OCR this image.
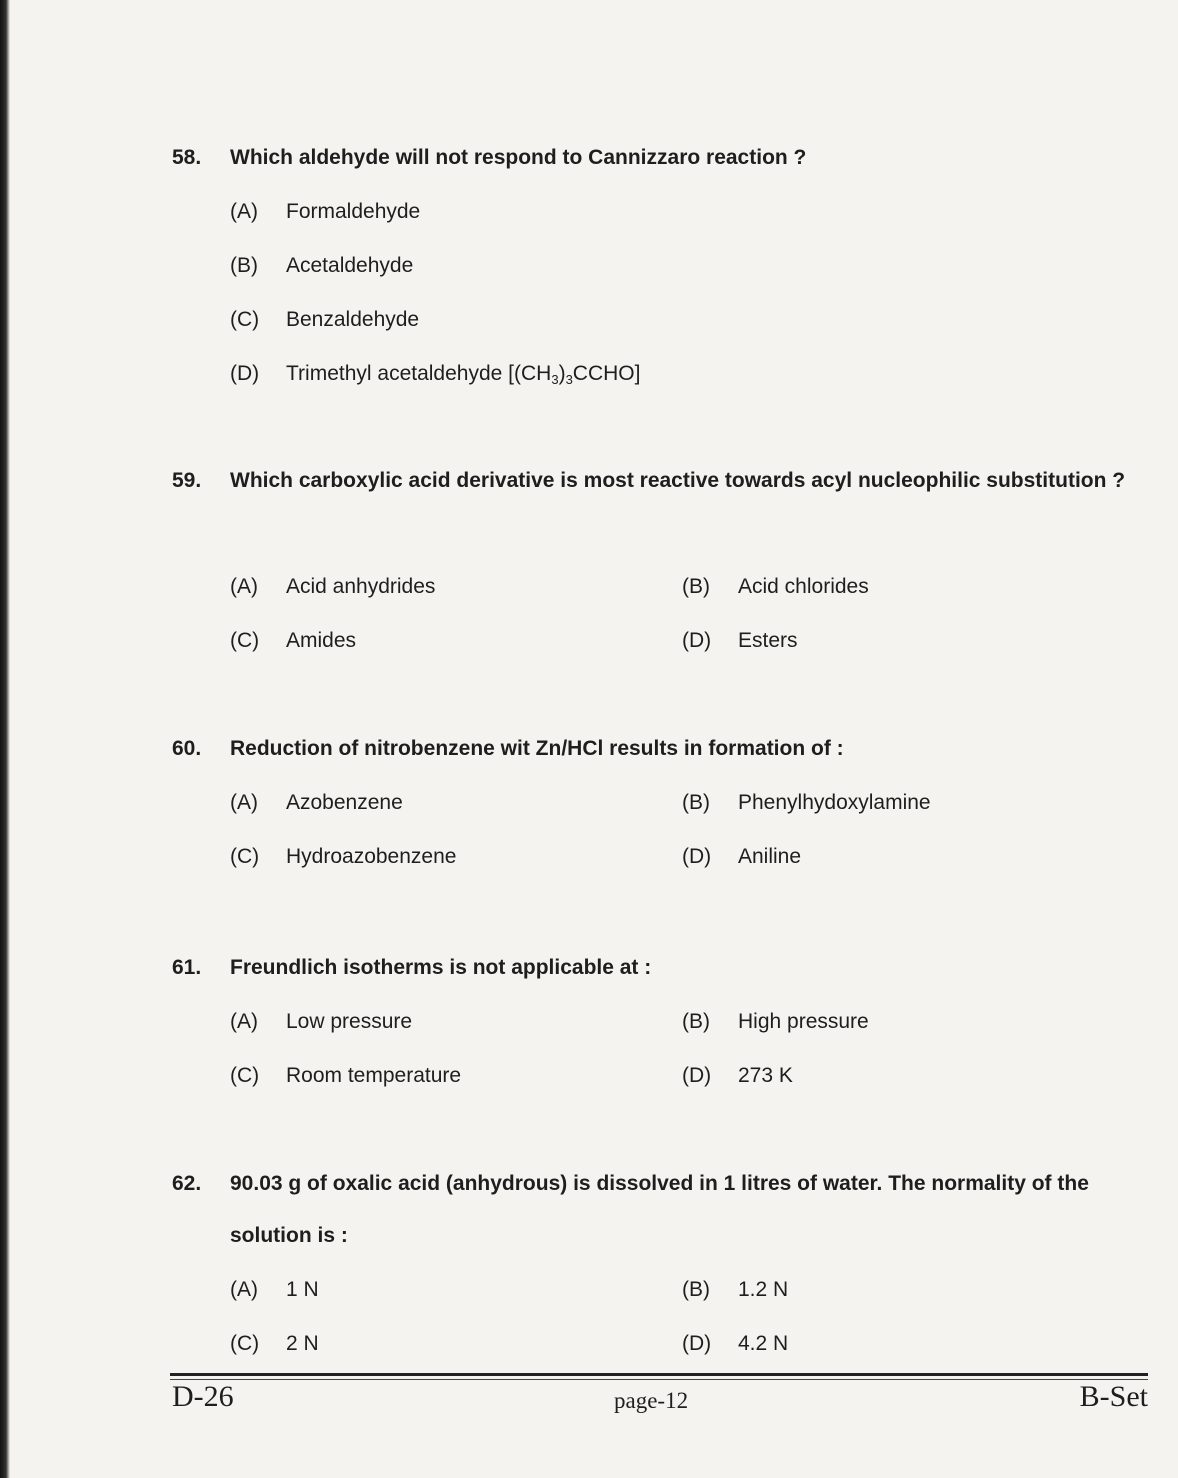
58. Which aldehyde will not respond to Cannizzaro reaction ?
(A) Formaldehyde
(B) Acetaldehyde
(C) Benzaldehyde
(D) Trimethyl acetaldehyde $[(CH_3)_3CCHO]$
59. Which carboxylic acid derivative is most reactive towards acyl nucleophilic substitution ?
(A) Acid anhydrides	(B) Acid chlorides
(C) Amides	(D) Esters
60. Reduction of nitrobenzene wit Zn/HCl results in formation of :
(A) Azobenzene	(B) Phenylhydoxylamine
(C) Hydroazobenzene	(D) Aniline
61. Freundlich isotherms is not applicable at :
(A) Low pressure	(B) High pressure
(C) Room temperature	(D) 273 K
62. 90.03 g of oxalic acid (anhydrous) is dissolved in 1 litres of water. The normality of the solution is :
(A) 1 N	(B) 1.2 N
(C) 2 N	(D) 4.2 N
D-26	page-12	B-Set
